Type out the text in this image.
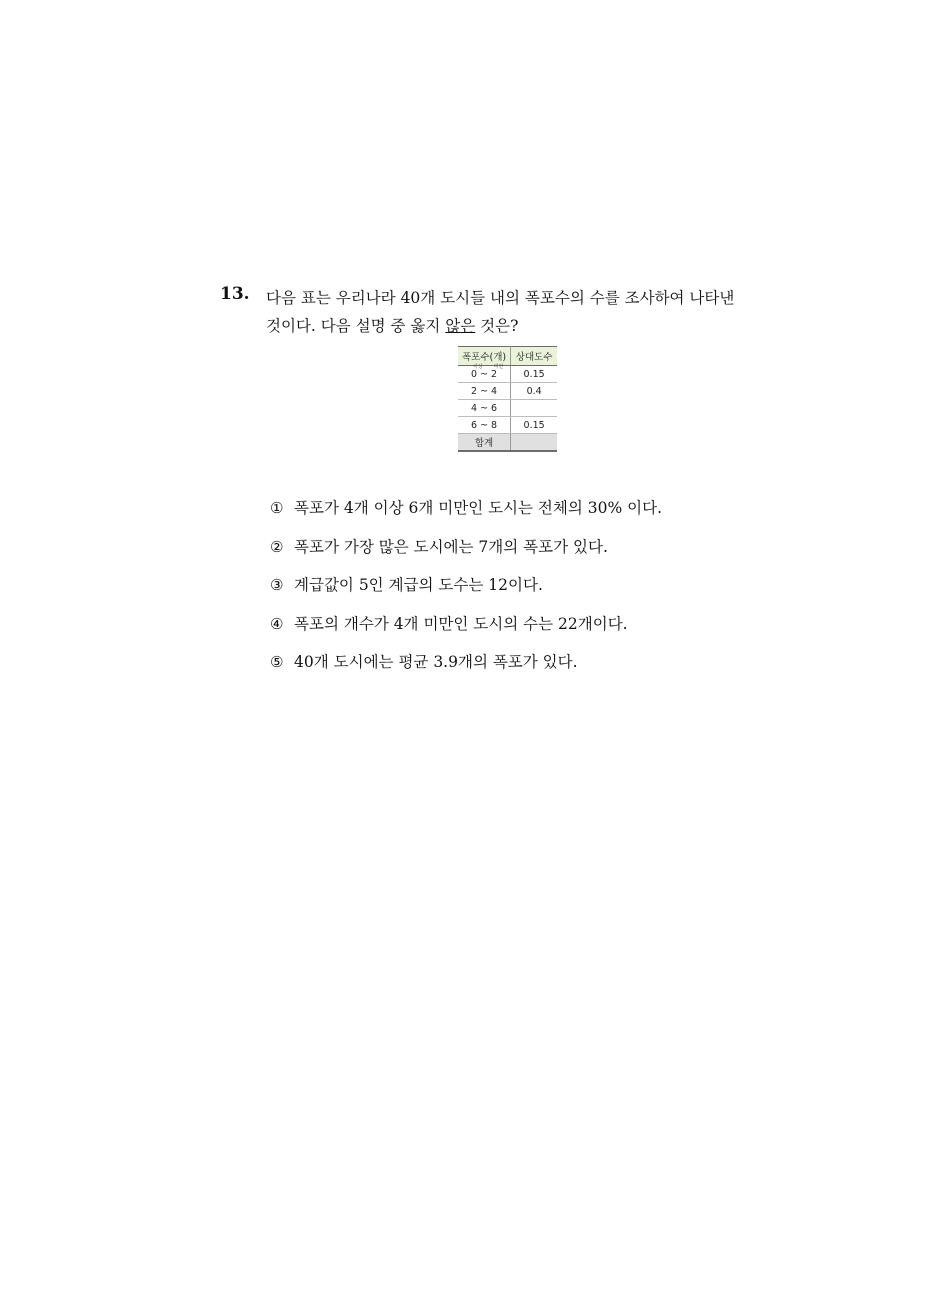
13. 다음 표는 우리나라 40개 도시들 내의 폭포수의 수를 조사하여 나타낸
것이다. 다음 설명 중 옳지 않은 것은?
폭포수(개)	상대도수

이상 미만
0 ~ 2	0.15
2 ~ 4	0.4
4 ~ 6	
6 ~ 8	0.15
합계	
① 폭포가 4개 이상 6개 미만인 도시는 전체의 30% 이다.
② 폭포가 가장 많은 도시에는 7개의 폭포가 있다.
③ 계급값이 5인 계급의 도수는 12이다.
④ 폭포의 개수가 4개 미만인 도시의 수는 22개이다.
⑤ 40개 도시에는 평균 3.9개의 폭포가 있다.
